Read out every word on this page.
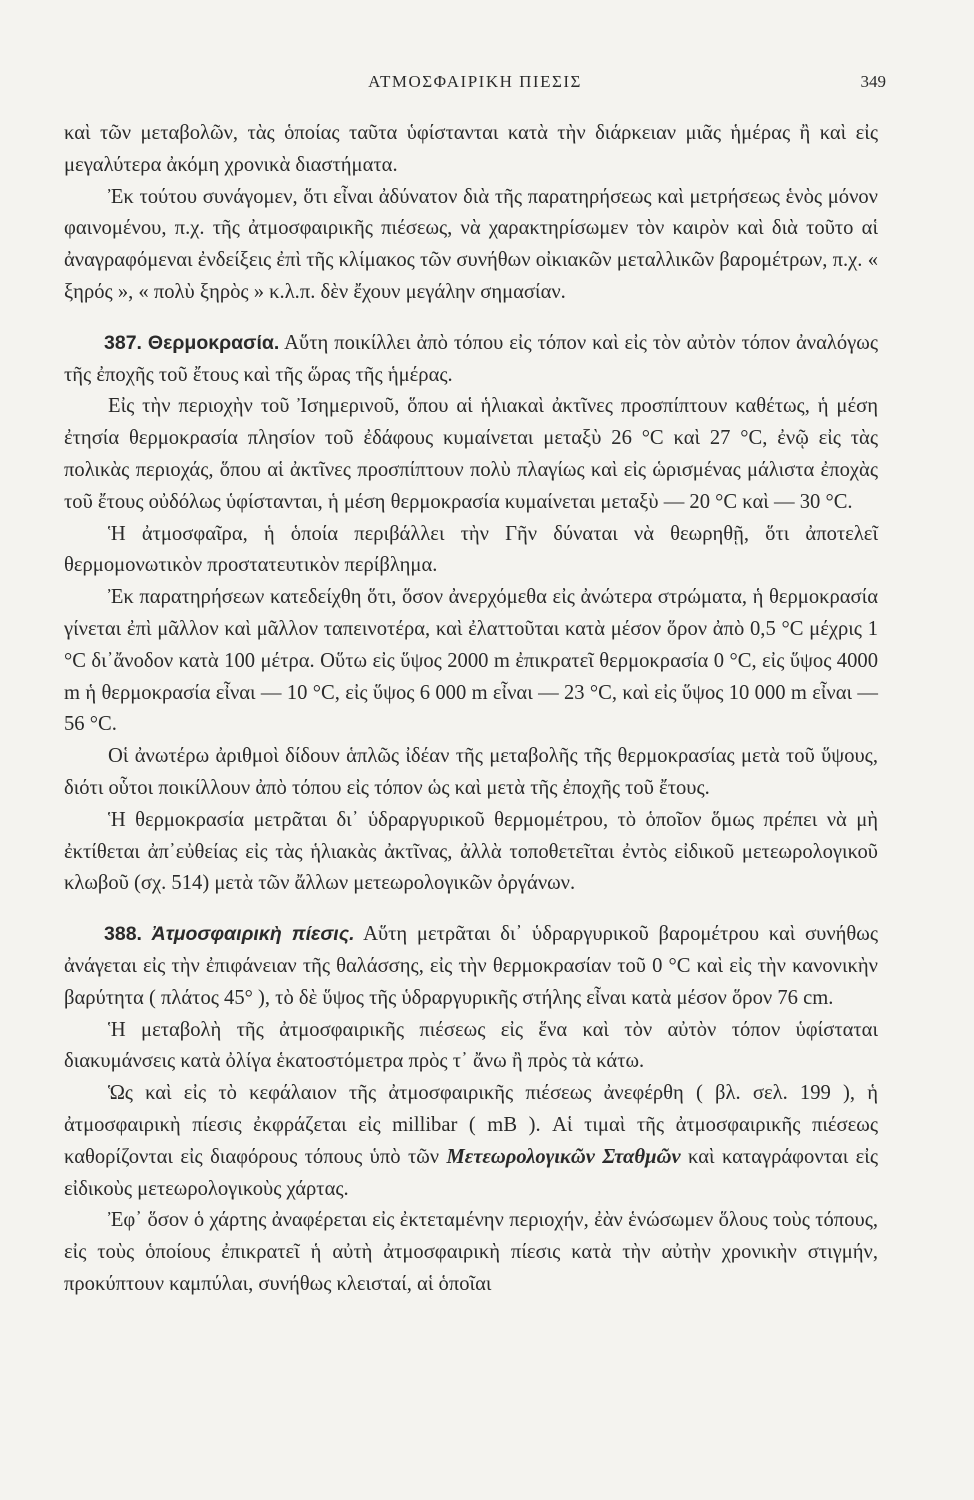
ΑΤΜΟΣΦΑΙΡΙΚΗ ΠΙΕΣΙΣ	349

καὶ τῶν μεταβολῶν, τὰς ὁποίας ταῦτα ὑφίστανται κατὰ τὴν διάρκειαν μιᾶς ἡμέρας ἢ καὶ εἰς μεγαλύτερα ἀκόμη χρονικὰ διαστήματα.

Ἐκ τούτου συνάγομεν, ὅτι εἶναι ἀδύνατον διὰ τῆς παρατηρήσεως καὶ μετρήσεως ἑνὸς μόνον φαινομένου, π.χ. τῆς ἀτμοσφαιρικῆς πιέσεως, νὰ χαρακτηρίσωμεν τὸν καιρὸν καὶ διὰ τοῦτο αἱ ἀναγραφόμεναι ἐνδείξεις ἐπὶ τῆς κλίμακος τῶν συνήθων οἰκιακῶν μεταλλικῶν βαρομέτρων, π.χ. « ξηρός », « πολὺ ξηρὸς » κ.λ.π. δὲν ἔχουν μεγάλην σημασίαν.

387. Θερμοκρασία. Αὕτη ποικίλλει ἀπὸ τόπου εἰς τόπον καὶ εἰς τὸν αὐτὸν τόπον ἀναλόγως τῆς ἐποχῆς τοῦ ἔτους καὶ τῆς ὥρας τῆς ἡμέρας.

Εἰς τὴν περιοχὴν τοῦ Ἰσημερινοῦ, ὅπου αἱ ἡλιακαὶ ἀκτῖνες προσπίπτουν καθέτως, ἡ μέση ἐτησία θερμοκρασία πλησίον τοῦ ἐδάφους κυμαίνεται μεταξὺ 26 °C καὶ 27 °C, ἐνῷ εἰς τὰς πολικὰς περιοχάς, ὅπου αἱ ἀκτῖνες προσπίπτουν πολὺ πλαγίως καὶ εἰς ὡρισμένας μάλιστα ἐποχὰς τοῦ ἔτους οὐδόλως ὑφίστανται, ἡ μέση θερμοκρασία κυμαίνεται μεταξὺ — 20 °C καὶ — 30 °C.

Ἡ ἀτμοσφαῖρα, ἡ ὁποία περιβάλλει τὴν Γῆν δύναται νὰ θεωρηθῇ, ὅτι ἀποτελεῖ θερμομονωτικὸν προστατευτικὸν περίβλημα.

Ἐκ παρατηρήσεων κατεδείχθη ὅτι, ὅσον ἀνερχόμεθα εἰς ἀνώτερα στρώματα, ἡ θερμοκρασία γίνεται ἐπὶ μᾶλλον καὶ μᾶλλον ταπεινοτέρα, καὶ ἐλαττοῦται κατὰ μέσον ὅρον ἀπὸ 0,5 °C μέχρις 1 °C δι᾽ἄνοδον κατὰ 100 μέτρα. Οὕτω εἰς ὕψος 2000 m ἐπικρατεῖ θερμοκρασία 0 °C, εἰς ὕψος 4000 m ἡ θερμοκρασία εἶναι — 10 °C, εἰς ὕψος 6 000 m εἶναι — 23 °C, καὶ εἰς ὕψος 10 000 m εἶναι — 56 °C.

Οἱ ἀνωτέρω ἀριθμοὶ δίδουν ἁπλῶς ἰδέαν τῆς μεταβολῆς τῆς θερμοκρασίας μετὰ τοῦ ὕψους, διότι οὗτοι ποικίλλουν ἀπὸ τόπου εἰς τόπον ὡς καὶ μετὰ τῆς ἐποχῆς τοῦ ἔτους.

Ἡ θερμοκρασία μετρᾶται δι᾽ ὑδραργυρικοῦ θερμομέτρου, τὸ ὁποῖον ὅμως πρέπει νὰ μὴ ἐκτίθεται ἀπ᾽εὐθείας εἰς τὰς ἡλιακὰς ἀκτῖνας, ἀλλὰ τοποθετεῖται ἐντὸς εἰδικοῦ μετεωρολογικοῦ κλωβοῦ (σχ. 514) μετὰ τῶν ἄλλων μετεωρολογικῶν ὀργάνων.

388. Ἀτμοσφαιρικὴ πίεσις. Αὕτη μετρᾶται δι᾽ ὑδραργυρικοῦ βαρομέτρου καὶ συνήθως ἀνάγεται εἰς τὴν ἐπιφάνειαν τῆς θαλάσσης, εἰς τὴν θερμοκρασίαν τοῦ 0 °C καὶ εἰς τὴν κανονικὴν βαρύτητα ( πλάτος 45° ), τὸ δὲ ὕψος τῆς ὑδραργυρικῆς στήλης εἶναι κατὰ μέσον ὅρον 76 cm.

Ἡ μεταβολὴ τῆς ἀτμοσφαιρικῆς πιέσεως εἰς ἕνα καὶ τὸν αὐτὸν τόπον ὑφίσταται διακυμάνσεις κατὰ ὀλίγα ἑκατοστόμετρα πρὸς τ᾽ ἄνω ἢ πρὸς τὰ κάτω.

Ὡς καὶ εἰς τὸ κεφάλαιον τῆς ἀτμοσφαιρικῆς πιέσεως ἀνεφέρθη ( βλ. σελ. 199 ), ἡ ἀτμοσφαιρικὴ πίεσις ἐκφράζεται εἰς millibar ( mB ). Αἱ τιμαὶ τῆς ἀτμοσφαιρικῆς πιέσεως καθορίζονται εἰς διαφόρους τόπους ὑπὸ τῶν Μετεωρολογικῶν Σταθμῶν καὶ καταγράφονται εἰς εἰδικοὺς μετεωρολογικοὺς χάρτας.

Ἐφ᾽ ὅσον ὁ χάρτης ἀναφέρεται εἰς ἐκτεταμένην περιοχήν, ἐὰν ἑνώσωμεν ὅλους τοὺς τόπους, εἰς τοὺς ὁποίους ἐπικρατεῖ ἡ αὐτὴ ἀτμοσφαιρικὴ πίεσις κατὰ τὴν αὐτὴν χρονικὴν στιγμήν, προκύπτουν καμπύλαι, συνήθως κλεισταί, αἱ ὁποῖαι
